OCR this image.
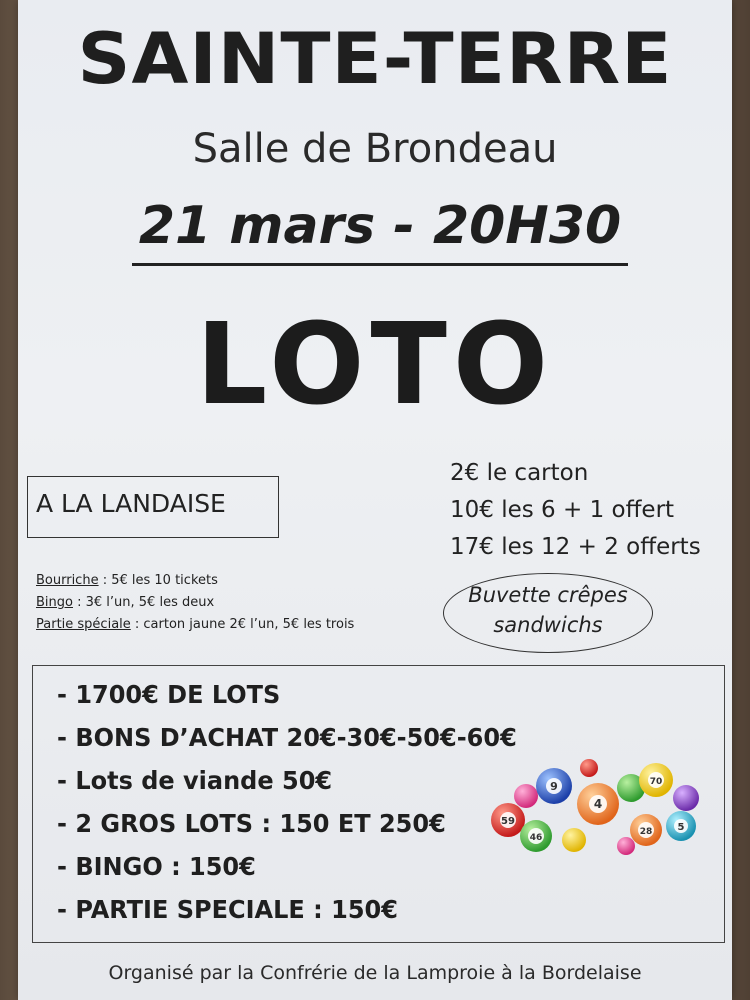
SAINTE-TERRE
Salle de Brondeau
21 mars - 20H30
LOTO
A LA LANDAISE
2€ le carton
10€ les 6 + 1 offert
17€ les 12 + 2 offerts
Buvette crêpes
sandwichs
Bourriche : 5€ les 10 tickets
Bingo : 3€ l’un, 5€ les deux
Partie spéciale : carton jaune 2€ l’un, 5€ les trois
- 1700€ DE LOTS
- BONS D’ACHAT 20€-30€-50€-60€
- Lots de viande 50€
- 2 GROS LOTS : 150 ET 250€
- BINGO : 150€
- PARTIE SPECIALE : 150€
59
9
4
70
46
28	5
Organisé par la Confrérie de la Lamproie à la Bordelaise
